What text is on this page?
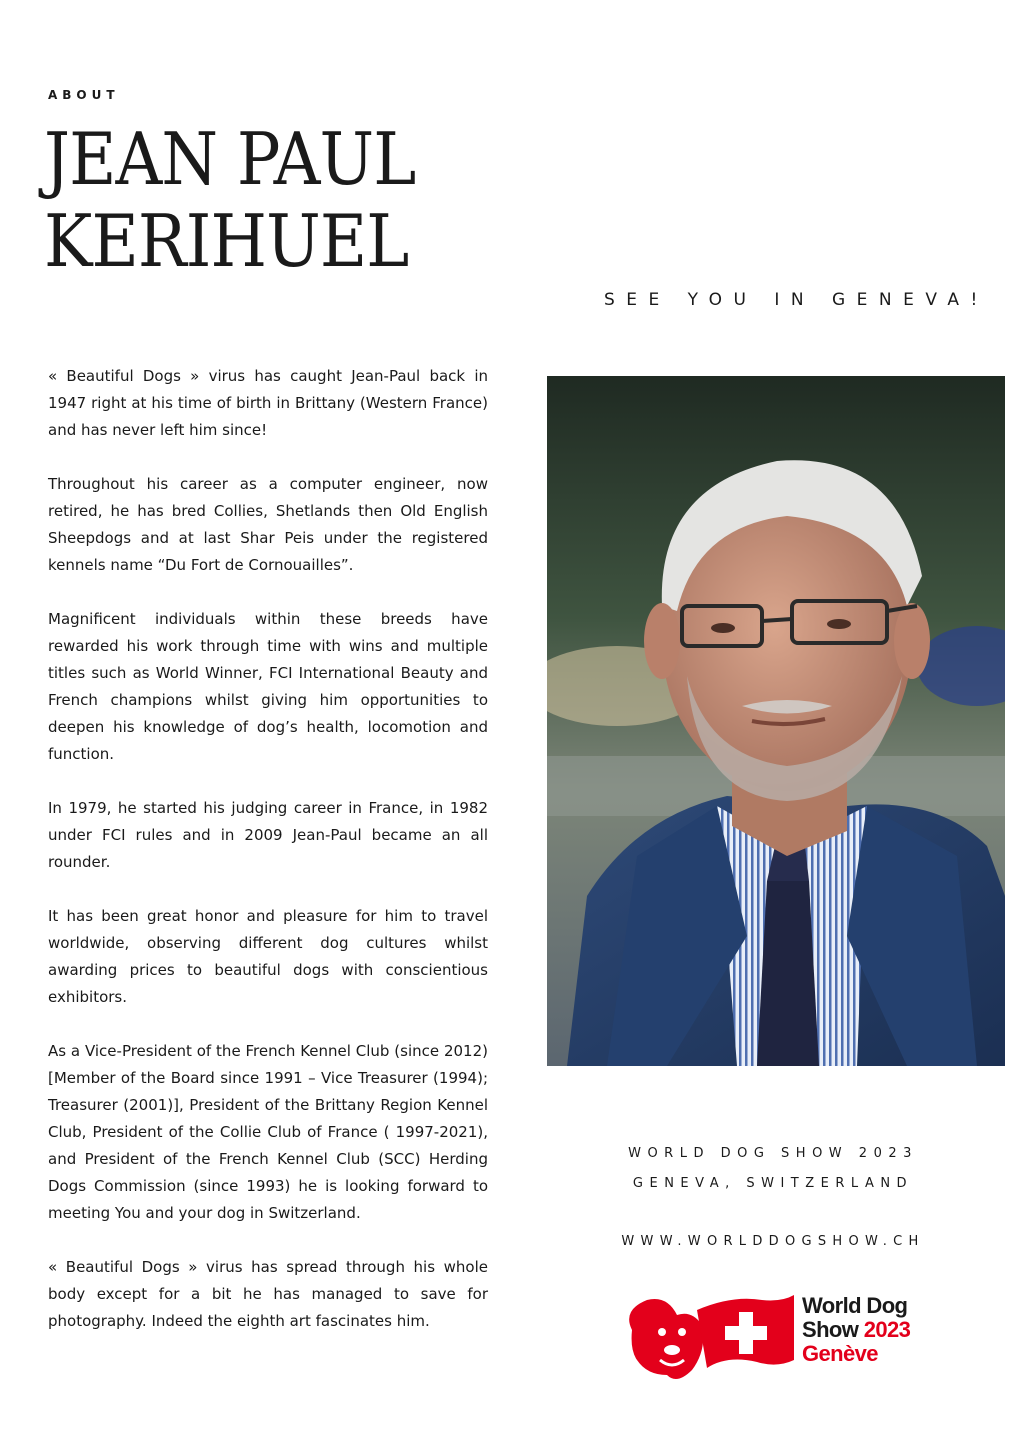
ABOUT
JEAN PAUL
KERIHUEL
SEE YOU IN GENEVA!

« Beautiful Dogs » virus has caught Jean-Paul back in 1947 right at his time of birth in Brittany (Western France) and has never left him since!

Throughout his career as a computer engineer, now retired, he has bred Collies, Shetlands then Old English Sheepdogs and at last Shar Peis under the registered kennels name “Du Fort de Cornouailles”.

Magnificent individuals within these breeds have rewarded his work through time with wins and multiple titles such as World Winner, FCI International Beauty and French champions whilst giving him opportunities to deepen his knowledge of dog’s health, locomotion and function.

In 1979, he started his judging career in France, in 1982 under FCI rules and in 2009 Jean-Paul became an all rounder.

It has been great honor and pleasure for him to travel worldwide, observing different dog cultures whilst awarding prices to beautiful dogs with conscientious exhibitors.

As a Vice-President of the French Kennel Club (since 2012) [Member of the Board since 1991 – Vice Treasurer (1994); Treasurer (2001)], President of the Brittany Region Kennel Club, President of the Collie Club of France ( 1997-2021), and President of the French Kennel Club (SCC) Herding Dogs Commission (since 1993) he is looking forward to meeting You and your dog in Switzerland.

« Beautiful Dogs » virus has spread through his whole body except for a bit he has managed to save for photography. Indeed the eighth art fascinates him.

WORLD DOG SHOW 2023
GENEVA, SWITZERLAND
WWW.WORLDDOGSHOW.CH
World Dog
Show 2023
Genève
